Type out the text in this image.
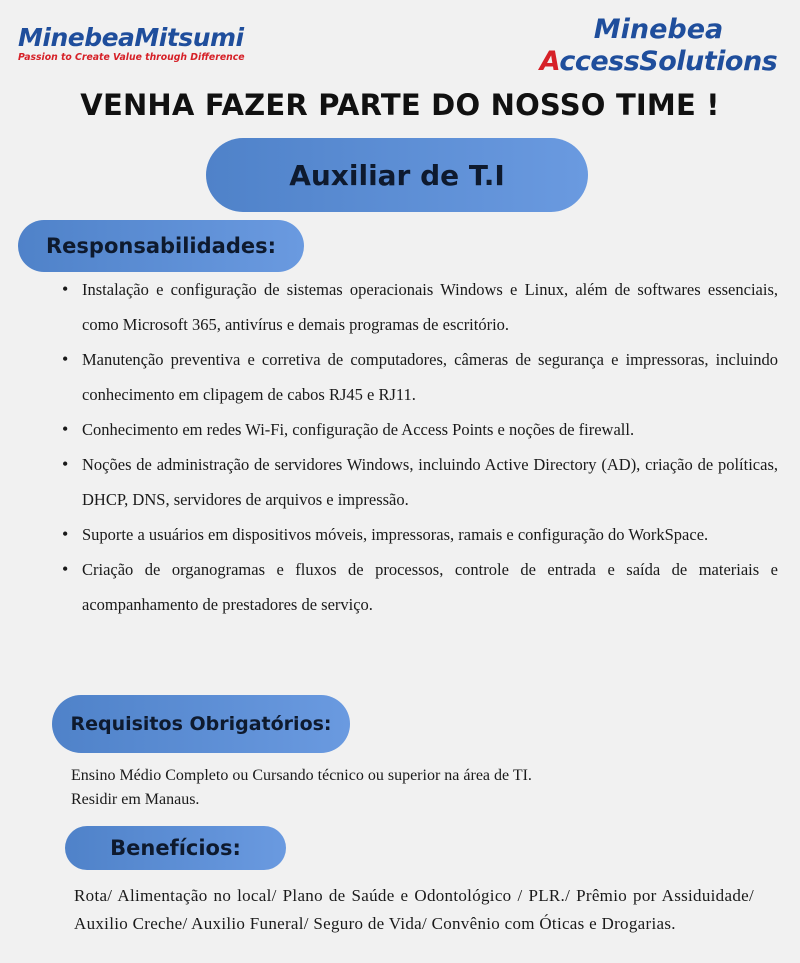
MinebeaMitsumi
Passion to Create Value through Difference
Minebea
AccessSolutions
VENHA FAZER PARTE DO NOSSO TIME !
Auxiliar de T.I
Responsabilidades:
• Instalação e configuração de sistemas operacionais Windows e Linux, além de softwares essenciais, como Microsoft 365, antivírus e demais programas de escritório.
• Manutenção preventiva e corretiva de computadores, câmeras de segurança e impressoras, incluindo conhecimento em clipagem de cabos RJ45 e RJ11.
• Conhecimento em redes Wi-Fi, configuração de Access Points e noções de firewall.
• Noções de administração de servidores Windows, incluindo Active Directory (AD), criação de políticas, DHCP, DNS, servidores de arquivos e impressão.
• Suporte a usuários em dispositivos móveis, impressoras, ramais e configuração do WorkSpace.
• Criação de organogramas e fluxos de processos, controle de entrada e saída de materiais e acompanhamento de prestadores de serviço.
Requisitos Obrigatórios:
Ensino Médio Completo ou Cursando técnico ou superior na área de TI.
Residir em Manaus.
Benefícios:
Rota/ Alimentação no local/ Plano de Saúde e Odontológico / PLR./ Prêmio por Assiduidade/ Auxilio Creche/ Auxilio Funeral/ Seguro de Vida/ Convênio com Óticas e Drogarias.
